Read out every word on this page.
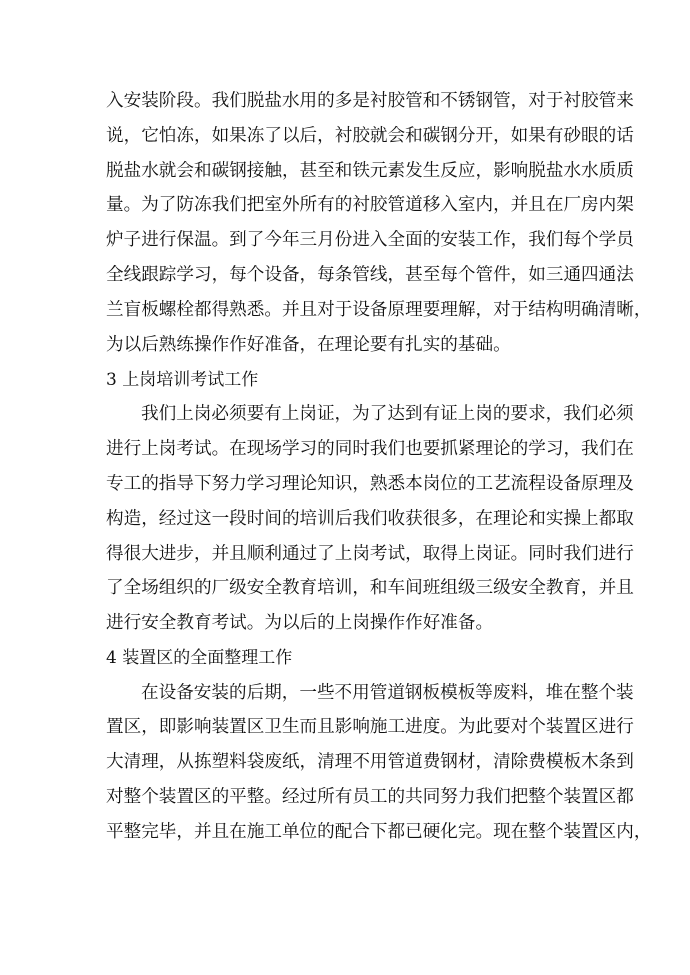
入安装阶段。我们脱盐水用的多是衬胶管和不锈钢管，对于衬胶管来
说，它怕冻，如果冻了以后，衬胶就会和碳钢分开，如果有砂眼的话
脱盐水就会和碳钢接触，甚至和铁元素发生反应，影响脱盐水水质质
量。为了防冻我们把室外所有的衬胶管道移入室内，并且在厂房内架
炉子进行保温。到了今年三月份进入全面的安装工作，我们每个学员
全线跟踪学习，每个设备，每条管线，甚至每个管件，如三通四通法
兰盲板螺栓都得熟悉。并且对于设备原理要理解，对于结构明确清晰，
为以后熟练操作作好准备，在理论要有扎实的基础。
3 上岗培训考试工作
我们上岗必须要有上岗证，为了达到有证上岗的要求，我们必须
进行上岗考试。在现场学习的同时我们也要抓紧理论的学习，我们在
专工的指导下努力学习理论知识，熟悉本岗位的工艺流程设备原理及
构造，经过这一段时间的培训后我们收获很多，在理论和实操上都取
得很大进步，并且顺利通过了上岗考试，取得上岗证。同时我们进行
了全场组织的厂级安全教育培训，和车间班组级三级安全教育，并且
进行安全教育考试。为以后的上岗操作作好准备。
4 装置区的全面整理工作
在设备安装的后期，一些不用管道钢板模板等废料，堆在整个装
置区，即影响装置区卫生而且影响施工进度。为此要对个装置区进行
大清理，从拣塑料袋废纸，清理不用管道费钢材，清除费模板木条到
对整个装置区的平整。经过所有员工的共同努力我们把整个装置区都
平整完毕，并且在施工单位的配合下都已硬化完。现在整个装置区内，
